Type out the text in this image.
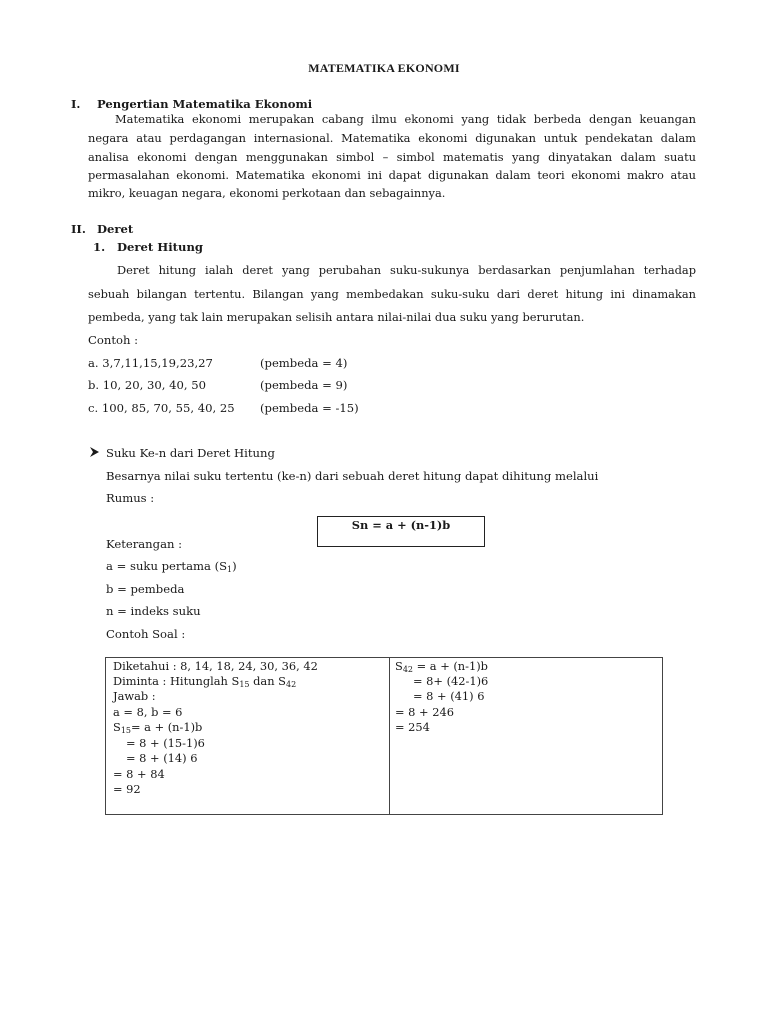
MATEMATIKA EKONOMI
I. Pengertian Matematika Ekonomi
Matematika ekonomi merupakan cabang ilmu ekonomi yang tidak berbeda dengan keuangan
negara atau perdagangan internasional. Matematika ekonomi digunakan untuk pendekatan dalam
analisa ekonomi dengan menggunakan simbol – simbol matematis yang dinyatakan dalam suatu
permasalahan ekonomi. Matematika ekonomi ini dapat digunakan dalam teori ekonomi makro atau
mikro, keuagan negara, ekonomi perkotaan dan sebagainnya.
II. Deret
1. Deret Hitung
Deret hitung ialah deret yang perubahan suku-sukunya berdasarkan penjumlahan terhadap
sebuah bilangan tertentu. Bilangan yang membedakan suku-suku dari deret hitung ini dinamakan
pembeda, yang tak lain merupakan selisih antara nilai-nilai dua suku yang berurutan.
Contoh :
a. 3,7,11,15,19,23,27	(pembeda = 4)
b. 10, 20, 30, 40, 50	(pembeda = 9)
c. 100, 85, 70, 55, 40, 25 (pembeda = -15)
Suku Ke-n dari Deret Hitung
Besarnya nilai suku tertentu (ke-n) dari sebuah deret hitung dapat dihitung melalui
Rumus :
Sn = a + (n-1)b
Keterangan :
a = suku pertama $(S_1)$
b = pembeda
n = indeks suku
Contoh Soal :
Diketahui : 8, 14, 18, 24, 30, 36, 42
Diminta : Hitunglah $S_{15}$ dan $S_{42}$
Jawab :
a = 8, b = 6
$S_{15}= a + (n-1)b$
= 8 + (15-1)6
= 8 + (14) 6
= 8 + 84
= 92
$S_{42} = a + (n-1)b$
= 8+ (42-1)6
= 8 + (41) 6
= 8 + 246
= 254
